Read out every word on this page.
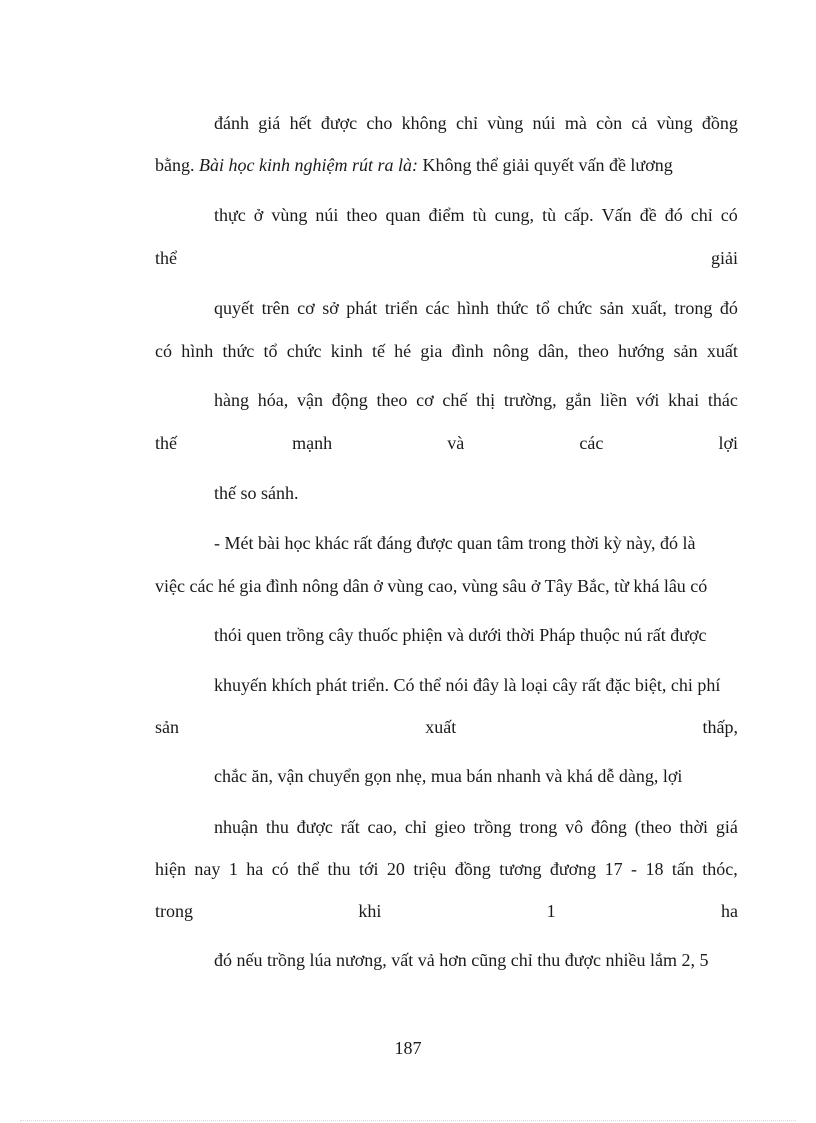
đánh giá hết được cho không chỉ vùng núi mà còn cả vùng đồng
bằng. Bài học kinh nghiệm rút ra là: Không thể giải quyết vấn đề lương
thực ở vùng núi theo quan điểm tù cung, tù cấp. Vấn đề đó chỉ có
thể	giải
quyết trên cơ sở phát triển các hình thức tổ chức sản xuất, trong đó
có hình thức tổ chức kinh tế hé gia đình nông dân, theo hướng sản xuất
hàng hóa, vận động theo cơ chế thị trường, gắn liền với khai thác
thế	mạnh	và	các	lợi
thế so sánh.
- Mét bài học khác rất đáng được quan tâm trong thời kỳ này, đó là
việc các hé gia đình nông dân ở vùng cao, vùng sâu ở Tây Bắc, từ khá lâu có
thói quen trồng cây thuốc phiện và dưới thời Pháp thuộc nú rất được
khuyến khích phát triển. Có thể nói đây là loại cây rất đặc biệt, chi phí
sản	xuất	thấp,
chắc ăn, vận chuyển gọn nhẹ, mua bán nhanh và khá dễ dàng, lợi
nhuận thu được rất cao, chỉ gieo trồng trong vô đông (theo thời giá
hiện nay 1 ha có thể thu tới 20 triệu đồng tương đương 17 - 18 tấn thóc,
trong	khi	1	ha
đó nếu trồng lúa nương, vất vả hơn cũng chỉ thu được nhiều lắm 2, 5
187
